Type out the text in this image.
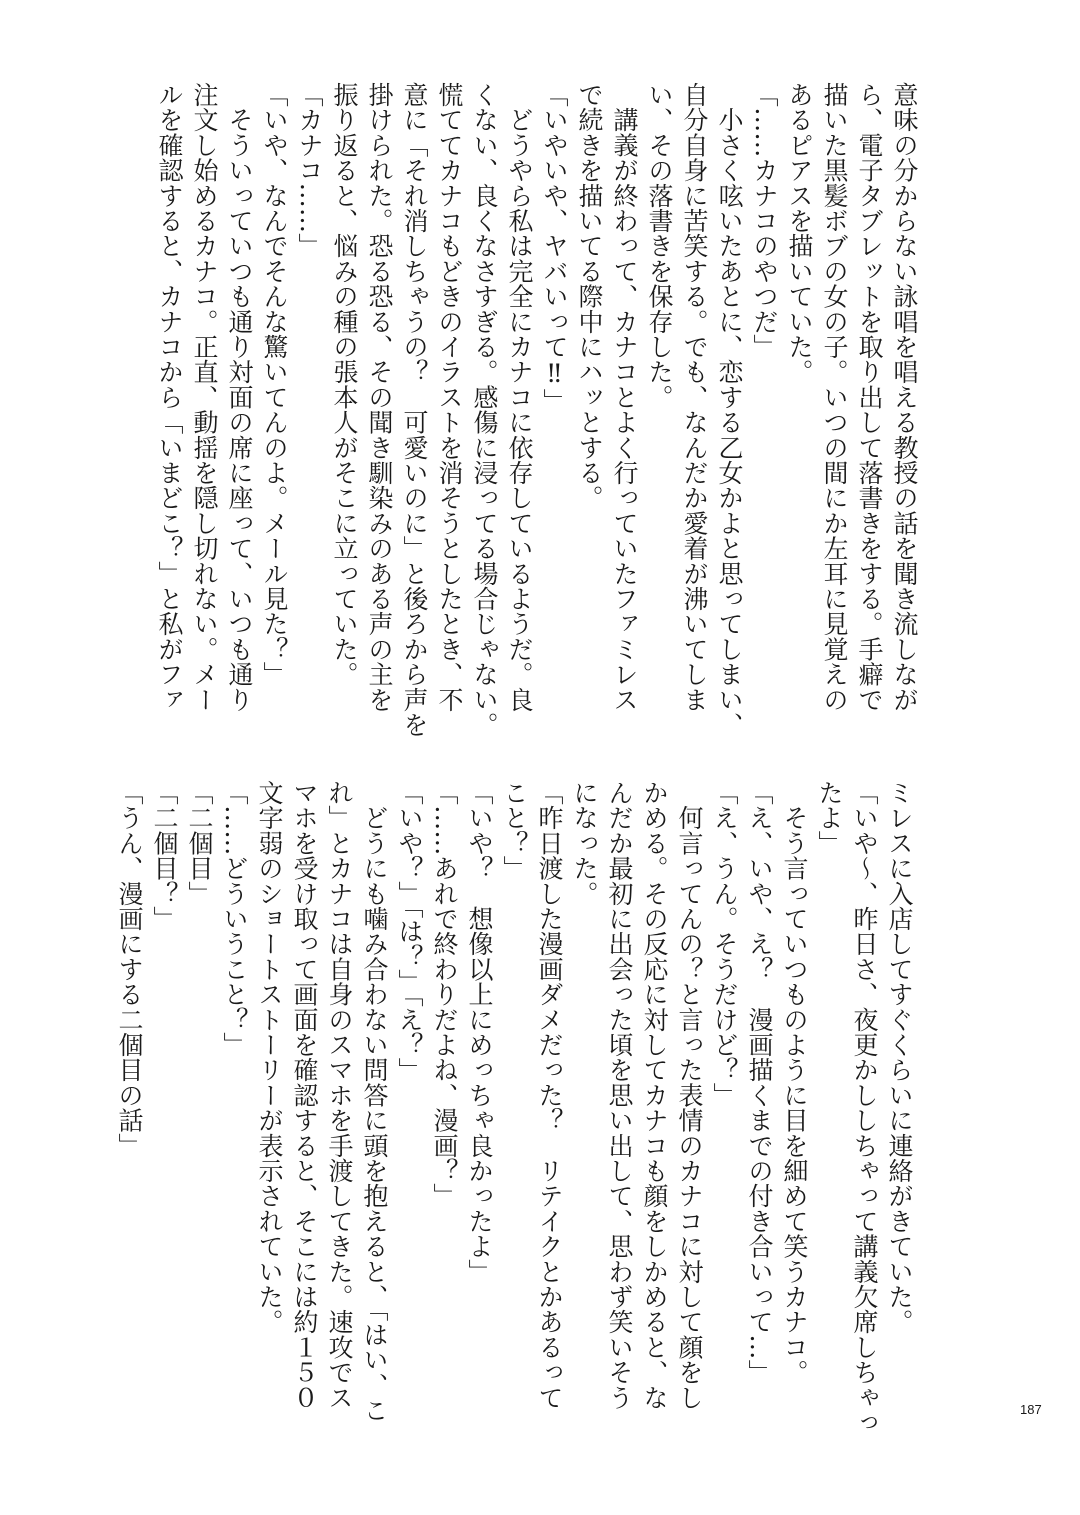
意味の分からない詠唱を唱える教授の話を聞き流しなが
ら、電子タブレットを取り出して落書きをする。手癖で
描いた黒髪ボブの女の子。いつの間にか左耳に見覚えの
あるピアスを描いていた。
「……カナコのやつだ」
　小さく呟いたあとに、恋する乙女かよと思ってしまい、
自分自身に苦笑する。でも、なんだか愛着が沸いてしま
い、その落書きを保存した。
　講義が終わって、カナコとよく行っていたファミレス
で続きを描いてる際中にハッとする。
「いやいや、ヤバいって‼」
　どうやら私は完全にカナコに依存しているようだ。良
くない、良くなさすぎる。感傷に浸ってる場合じゃない。
慌ててカナコもどきのイラストを消そうとしたとき、不
意に「それ消しちゃうの？　可愛いのに」と後ろから声を
掛けられた。恐る恐る、その聞き馴染みのある声の主を
振り返ると、悩みの種の張本人がそこに立っていた。
「カナコ……」
「いや、なんでそんな驚いてんのよ。メール見た？」
　そういっていつも通り対面の席に座って、いつも通り
注文し始めるカナコ。正直、動揺を隠し切れない。メー
ルを確認すると、カナコから「いまどこ？」と私がファ
ミレスに入店してすぐくらいに連絡がきていた。
「いや～、昨日さ、夜更かししちゃって講義欠席しちゃっ
たよ」
　そう言っていつものように目を細めて笑うカナコ。
「え、いや、え？　漫画描くまでの付き合いって…」
「え、うん。そうだけど？」
　何言ってんの？と言った表情のカナコに対して顔をし
かめる。その反応に対してカナコも顔をしかめると、な
んだか最初に出会った頃を思い出して、思わず笑いそう
になった。
「昨日渡した漫画ダメだった？　リテイクとかあるって
こと？」
「いや？　想像以上にめっちゃ良かったよ」
「……あれで終わりだよね、漫画？」
「いや？」「は？」「え？」
　どうにも噛み合わない問答に頭を抱えると、「はい、こ
れ」とカナコは自身のスマホを手渡してきた。速攻でス
マホを受け取って画面を確認すると、そこには約１５０
文字弱のショートストーリーが表示されていた。
「……どういうこと？」
「二個目」
「二個目？」
「うん、漫画にする二個目の話」
187
